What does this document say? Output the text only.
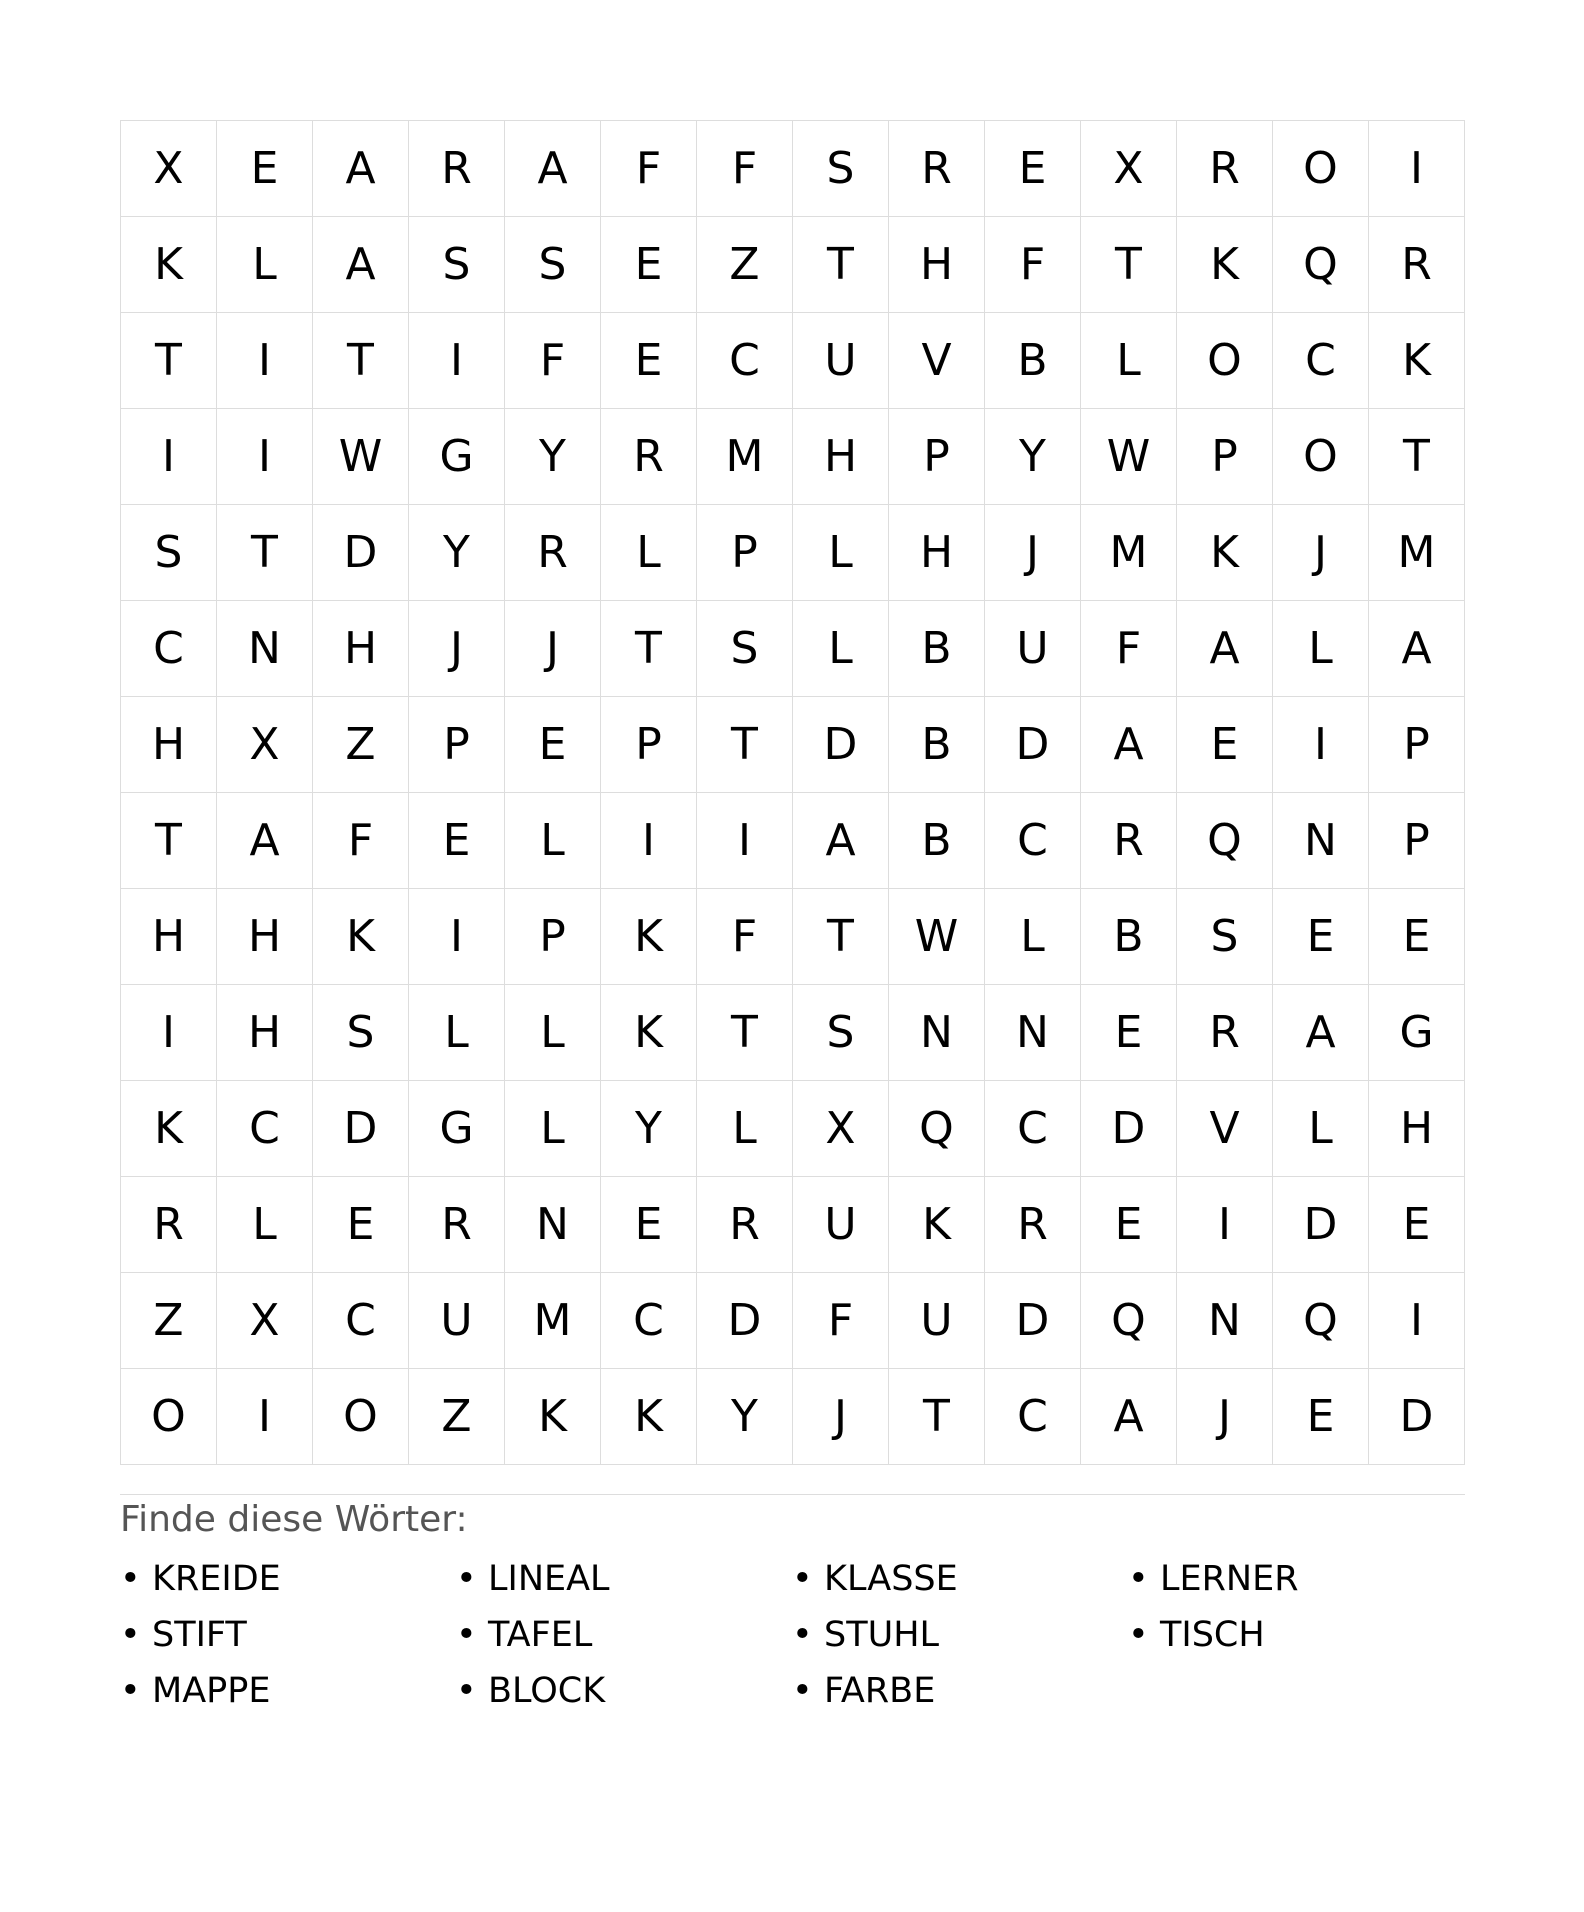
X	E	A	R	A	F	F	S	R	E	X	R	O	I
K	L	A	S	S	E	Z	T	H	F	T	K	Q	R
T	I	T	I	F	E	C	U	V	B	L	O	C	K
I	I	W	G	Y	R	M	H	P	Y	W	P	O	T
S	T	D	Y	R	L	P	L	H	J	M	K	J	M
C	N	H	J	J	T	S	L	B	U	F	A	L	A
H	X	Z	P	E	P	T	D	B	D	A	E	I	P
T	A	F	E	L	I	I	A	B	C	R	Q	N	P
H	H	K	I	P	K	F	T	W	L	B	S	E	E
I	H	S	L	L	K	T	S	N	N	E	R	A	G
K	C	D	G	L	Y	L	X	Q	C	D	V	L	H
R	L	E	R	N	E	R	U	K	R	E	I	D	E
Z	X	C	U	M	C	D	F	U	D	Q	N	Q	I
O	I	O	Z	K	K	Y	J	T	C	A	J	E	D
Finde diese Wörter:
• KREIDE	• LINEAL	• KLASSE	• LERNER
• STIFT	• TAFEL	• STUHL	• TISCH
• MAPPE	• BLOCK	• FARBE
